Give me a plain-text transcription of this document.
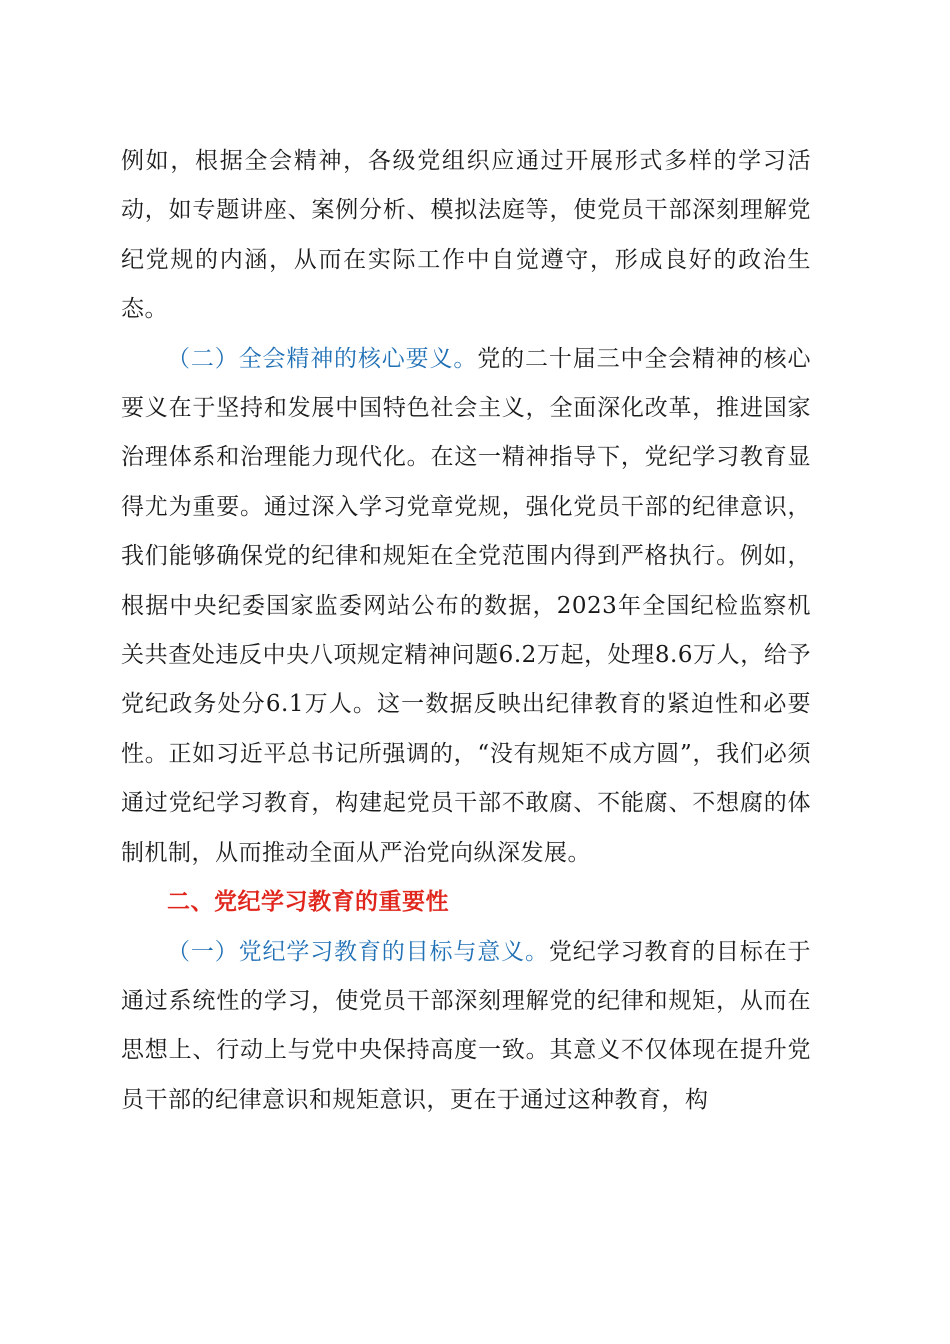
例如，根据全会精神，各级党组织应通过开展形式多样的学习活动，如专题讲座、案例分析、模拟法庭等，使党员干部深刻理解党纪党规的内涵，从而在实际工作中自觉遵守，形成良好的政治生态。

（二）全会精神的核心要义。党的二十届三中全会精神的核心要义在于坚持和发展中国特色社会主义，全面深化改革，推进国家治理体系和治理能力现代化。在这一精神指导下，党纪学习教育显得尤为重要。通过深入学习党章党规，强化党员干部的纪律意识，我们能够确保党的纪律和规矩在全党范围内得到严格执行。例如，根据中央纪委国家监委网站公布的数据，2023年全国纪检监察机关共查处违反中央八项规定精神问题6.2万起，处理8.6万人，给予党纪政务处分6.1万人。这一数据反映出纪律教育的紧迫性和必要性。正如习近平总书记所强调的，“没有规矩不成方圆”，我们必须通过党纪学习教育，构建起党员干部不敢腐、不能腐、不想腐的体制机制，从而推动全面从严治党向纵深发展。

二、党纪学习教育的重要性

（一）党纪学习教育的目标与意义。党纪学习教育的目标在于通过系统性的学习，使党员干部深刻理解党的纪律和规矩，从而在思想上、行动上与党中央保持高度一致。其意义不仅体现在提升党员干部的纪律意识和规矩意识，更在于通过这种教育，构
